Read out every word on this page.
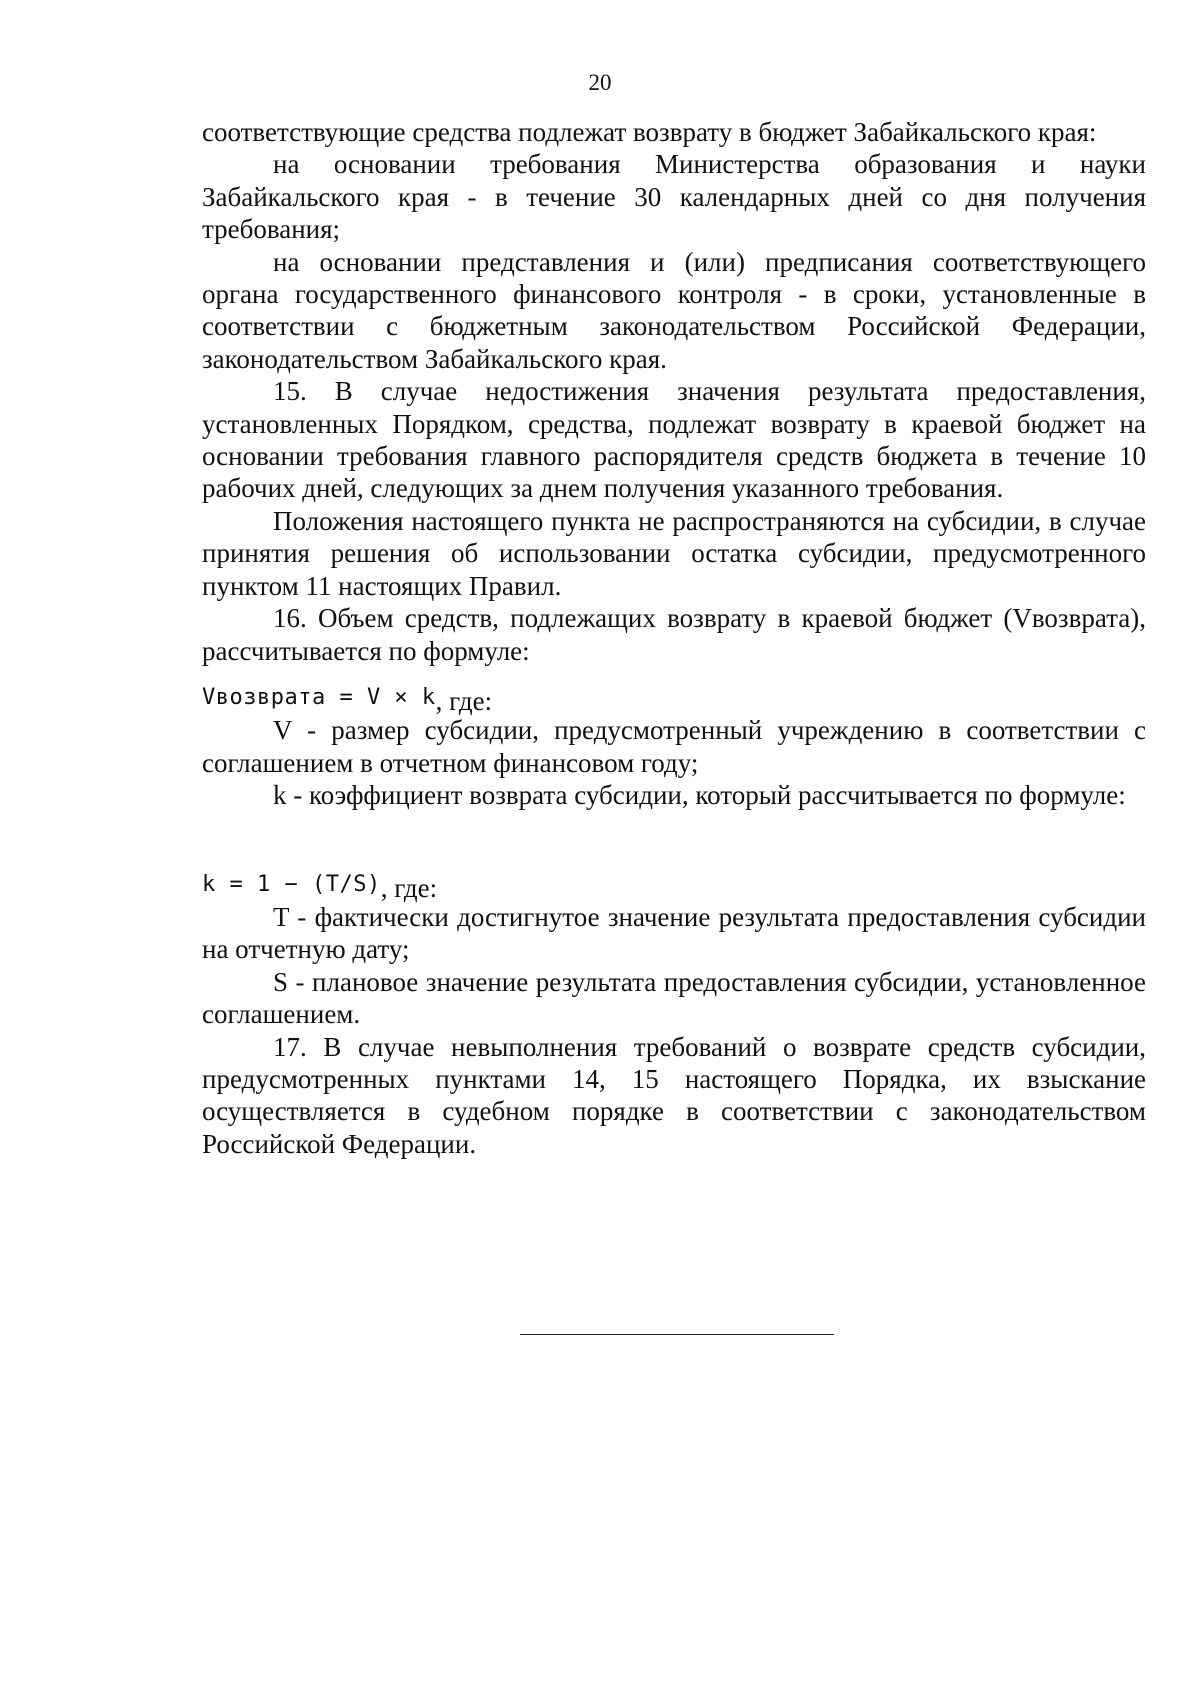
20

соответствующие средства подлежат возврату в бюджет Забайкальского края:

на основании требования Министерства образования и науки Забайкальского края - в течение 30 календарных дней со дня получения требования;

на основании представления и (или) предписания соответствующего органа государственного финансового контроля - в сроки, установленные в соответствии с бюджетным законодательством Российской Федерации, законодательством Забайкальского края.

15. В случае недостижения значения результата предоставления, установленных Порядком, средства, подлежат возврату в краевой бюджет на основании требования главного распорядителя средств бюджета в течение 10 рабочих дней, следующих за днем получения указанного требования.

Положения настоящего пункта не распространяются на субсидии, в случае принятия решения об использовании остатка субсидии, предусмотренного пунктом 11 настоящих Правил.

16. Объем средств, подлежащих возврату в краевой бюджет (Vвозврата), рассчитывается по формуле:

Vвозврата = V × k, где:

V - размер субсидии, предусмотренный учреждению в соответствии с соглашением в отчетном финансовом году;

k - коэффициент возврата субсидии, который рассчитывается по формуле:

k = 1 − (T/S), где:

T - фактически достигнутое значение результата предоставления субсидии на отчетную дату;

S - плановое значение результата предоставления субсидии, установленное соглашением.

17. В случае невыполнения требований о возврате средств субсидии, предусмотренных пунктами 14, 15 настоящего Порядка, их взыскание осуществляется в судебном порядке в соответствии с законодательством Российской Федерации.
